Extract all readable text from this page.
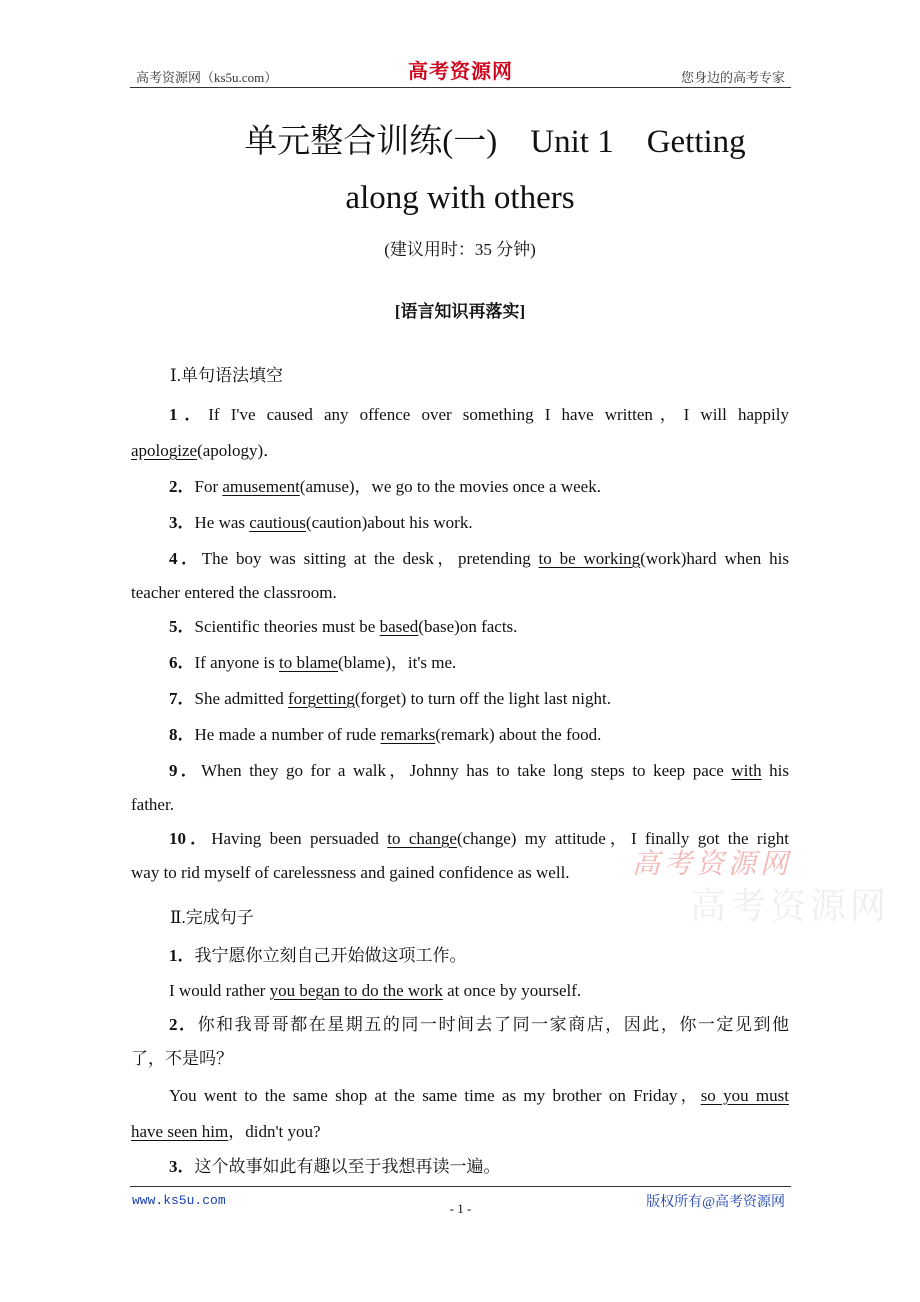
高考资源网（ks5u.com）	高考资源网	您身边的高考专家
单元整合训练(一)　Unit 1　Getting
along with others
(建议用时：35 分钟)
[语言知识再落实]
Ⅰ.单句语法填空
1．If I've caused any offence over something I have written，I will happily
apologize(apology)．
2．For amusement(amuse)，we go to the movies once a week.
3．He was cautious(caution)about his work.
4．The boy was sitting at the desk，pretending to be working(work)hard when his
teacher entered the classroom.
5．Scientific theories must be based(base)on facts.
6．If anyone is to blame(blame)，it's me.
7．She admitted forgetting(forget) to turn off the light last night.
8．He made a number of rude remarks(remark) about the food.
9．When they go for a walk，Johnny has to take long steps to keep pace with his
father.
10．Having been persuaded to change(change) my attitude，I finally got the right
way to rid myself of carelessness and gained confidence as well.	高考资源网
高考资源网
Ⅱ.完成句子
1．我宁愿你立刻自己开始做这项工作。
I would rather you began to do the work at once by yourself.
2．你和我哥哥都在星期五的同一时间去了同一家商店，因此，你一定见到他
了，不是吗？
You went to the same shop at the same time as my brother on Friday，so you must
have seen him，didn't you?
3．这个故事如此有趣以至于我想再读一遍。
www.ks5u.com
- 1 -	版权所有@高考资源网
